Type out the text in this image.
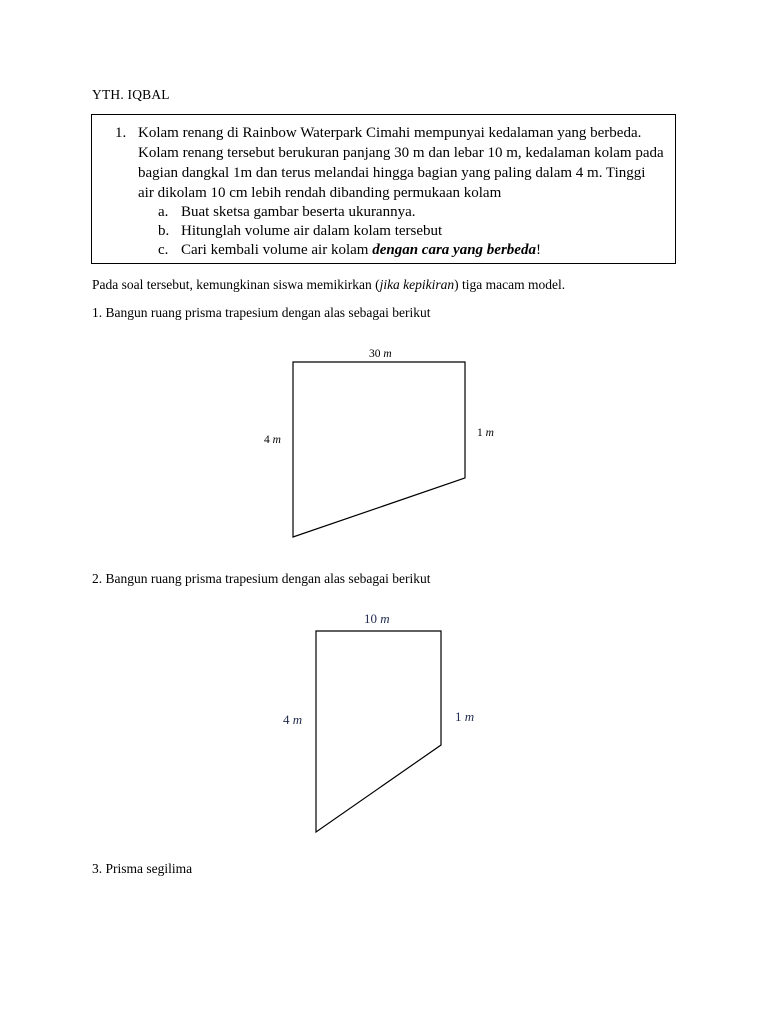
YTH. IQBAL
1. Kolam renang di Rainbow Waterpark Cimahi mempunyai kedalaman yang berbeda.
Kolam renang tersebut berukuran panjang 30 m dan lebar 10 m, kedalaman kolam pada
bagian dangkal 1m dan terus melandai hingga bagian yang paling dalam 4 m. Tinggi
air dikolam 10 cm lebih rendah dibanding permukaan kolam
a. Buat sketsa gambar beserta ukurannya.
b. Hitunglah volume air dalam kolam tersebut
c. Cari kembali volume air kolam dengan cara yang berbeda!
Pada soal tersebut, kemungkinan siswa memikirkan (jika kepikiran) tiga macam model.
1. Bangun ruang prisma trapesium dengan alas sebagai berikut
30 m
4 m
1 m
2. Bangun ruang prisma trapesium dengan alas sebagai berikut
10 m
4 m	1 m
3. Prisma segilima
